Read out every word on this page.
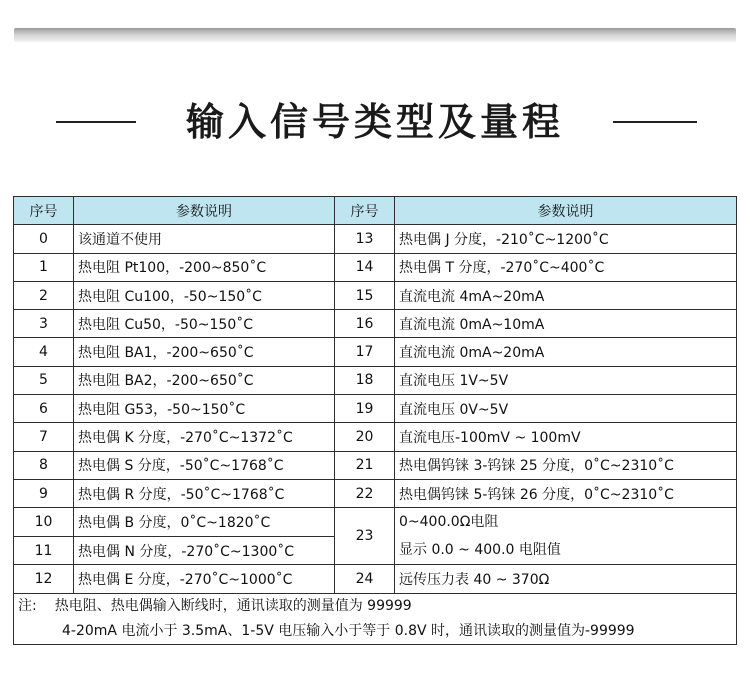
输入信号类型及量程
序号	参数说明	序号	参数说明
0	该通道不使用	13	热电偶 J 分度，-210˚C~1200˚C
1	热电阻 Pt100，-200~850˚C	14	热电偶 T 分度，-270˚C~400˚C
2	热电阻 Cu100，-50~150˚C	15	直流电流 4mA~20mA
3	热电阻 Cu50，-50~150˚C	16	直流电流 0mA~10mA
4	热电阻 BA1，-200~650˚C	17	直流电流 0mA~20mA
5	热电阻 BA2，-200~650˚C	18	直流电压 1V~5V
6	热电阻 G53，-50~150˚C	19	直流电压 0V~5V
7	热电偶 K 分度，-270˚C~1372˚C	20	直流电压-100mV ~ 100mV
8	热电偶 S 分度，-50˚C~1768˚C	21	热电偶钨铼 3-钨铼 25 分度，0˚C~2310˚C
9	热电偶 R 分度，-50˚C~1768˚C	22	热电偶钨铼 5-钨铼 26 分度，0˚C~2310˚C
10	热电偶 B 分度，0˚C~1820˚C	23	0~400.0Ω电阻
显示 0.0 ~ 400.0 电阻值

11	热电偶 N 分度，-270˚C~1300˚C		
12	热电偶 E 分度，-270˚C~1000˚C	24	远传压力表 40 ~ 370Ω

注: 热电阻、热电偶输入断线时，通讯读取的测量值为 99999
4-20mA 电流小于 3.5mA、1-5V 电压输入小于等于 0.8V 时，通讯读取的测量值为-99999			
